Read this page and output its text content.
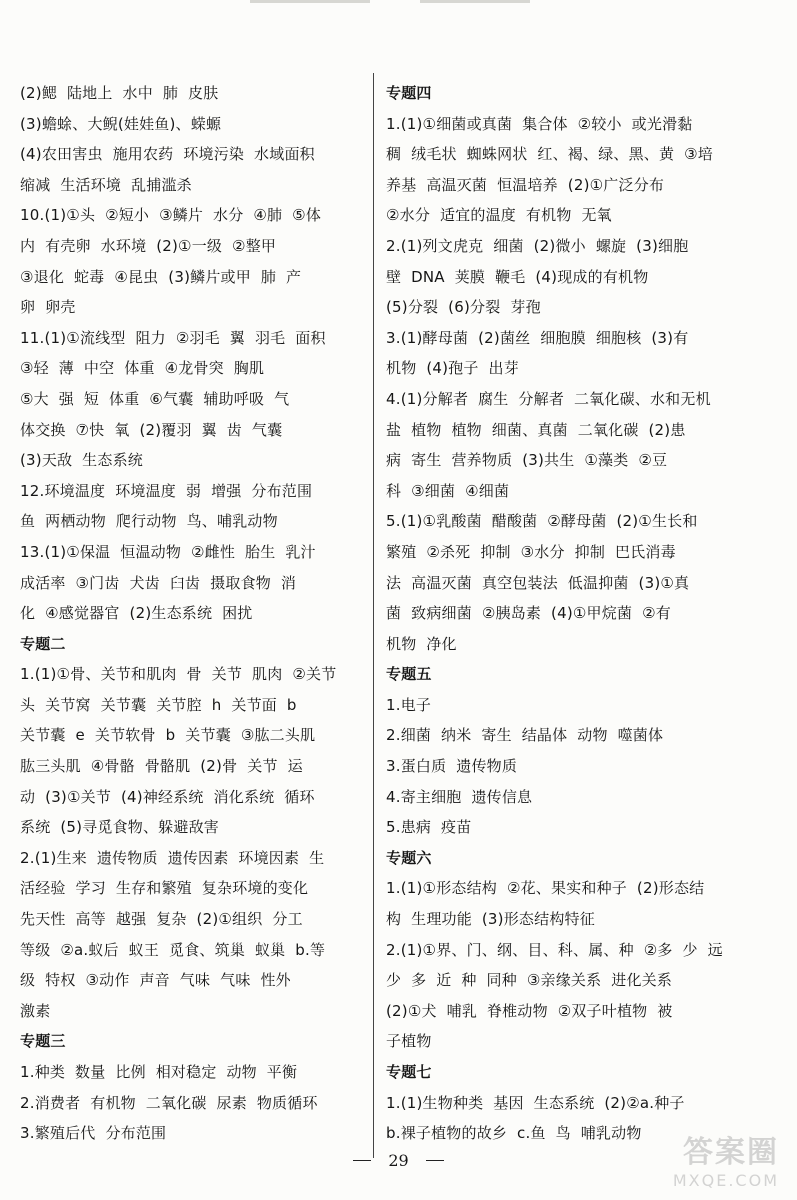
(2)鳃  陆地上  水中  肺  皮肤
(3)蟾蜍、大鲵(娃娃鱼)、蝾螈
(4)农田害虫  施用农药  环境污染  水域面积
缩减  生活环境  乱捕滥杀
10.(1)①头  ②短小  ③鳞片  水分  ④肺  ⑤体
内  有壳卵  水环境  (2)①一级  ②整甲
③退化  蛇毒  ④昆虫  (3)鳞片或甲  肺  产
卵  卵壳
11.(1)①流线型  阻力  ②羽毛  翼  羽毛  面积
③轻  薄  中空  体重  ④龙骨突  胸肌
⑤大  强  短  体重  ⑥气囊  辅助呼吸  气
体交换  ⑦快  氧  (2)覆羽  翼  齿  气囊
(3)天敌  生态系统
12.环境温度  环境温度  弱  增强  分布范围
鱼  两栖动物  爬行动物  鸟、哺乳动物
13.(1)①保温  恒温动物  ②雌性  胎生  乳汁
成活率  ③门齿  犬齿  臼齿  摄取食物  消
化  ④感觉器官  (2)生态系统  困扰
专题二
1.(1)①骨、关节和肌肉  骨  关节  肌肉  ②关节
头  关节窝  关节囊  关节腔  h  关节面  b
关节囊  e  关节软骨  b  关节囊  ③肱二头肌
肱三头肌  ④骨骼  骨骼肌  (2)骨  关节  运
动  (3)①关节  (4)神经系统  消化系统  循环
系统  (5)寻觅食物、躲避敌害
2.(1)生来  遗传物质  遗传因素  环境因素  生
活经验  学习  生存和繁殖  复杂环境的变化
先天性  高等  越强  复杂  (2)①组织  分工
等级  ②a.蚁后  蚁王  觅食、筑巢  蚁巢  b.等
级  特权  ③动作  声音  气味  气味  性外
激素
专题三
1.种类  数量  比例  相对稳定  动物  平衡
2.消费者  有机物  二氧化碳  尿素  物质循环
3.繁殖后代  分布范围
专题四
1.(1)①细菌或真菌  集合体  ②较小  或光滑黏
稠  绒毛状  蜘蛛网状  红、褐、绿、黑、黄  ③培
养基  高温灭菌  恒温培养  (2)①广泛分布
②水分  适宜的温度  有机物  无氧
2.(1)列文虎克  细菌  (2)微小  螺旋  (3)细胞
壁  DNA  荚膜  鞭毛  (4)现成的有机物
(5)分裂  (6)分裂  芽孢
3.(1)酵母菌  (2)菌丝  细胞膜  细胞核  (3)有
机物  (4)孢子  出芽
4.(1)分解者  腐生  分解者  二氧化碳、水和无机
盐  植物  植物  细菌、真菌  二氧化碳  (2)患
病  寄生  营养物质  (3)共生  ①藻类  ②豆
科  ③细菌  ④细菌
5.(1)①乳酸菌  醋酸菌  ②酵母菌  (2)①生长和
繁殖  ②杀死  抑制  ③水分  抑制  巴氏消毒
法  高温灭菌  真空包装法  低温抑菌  (3)①真
菌  致病细菌  ②胰岛素  (4)①甲烷菌  ②有
机物  净化
专题五
1.电子
2.细菌  纳米  寄生  结晶体  动物  噬菌体
3.蛋白质  遗传物质
4.寄主细胞  遗传信息
5.患病  疫苗
专题六
1.(1)①形态结构  ②花、果实和种子  (2)形态结
构  生理功能  (3)形态结构特征
2.(1)①界、门、纲、目、科、属、种  ②多  少  远
少  多  近  种  同种  ③亲缘关系  进化关系
(2)①犬  哺乳  脊椎动物  ②双子叶植物  被
子植物
专题七
1.(1)生物种类  基因  生态系统  (2)②a.种子
b.裸子植物的故乡  c.鱼  鸟  哺乳动物
29	答案圈
MXQE.COM
